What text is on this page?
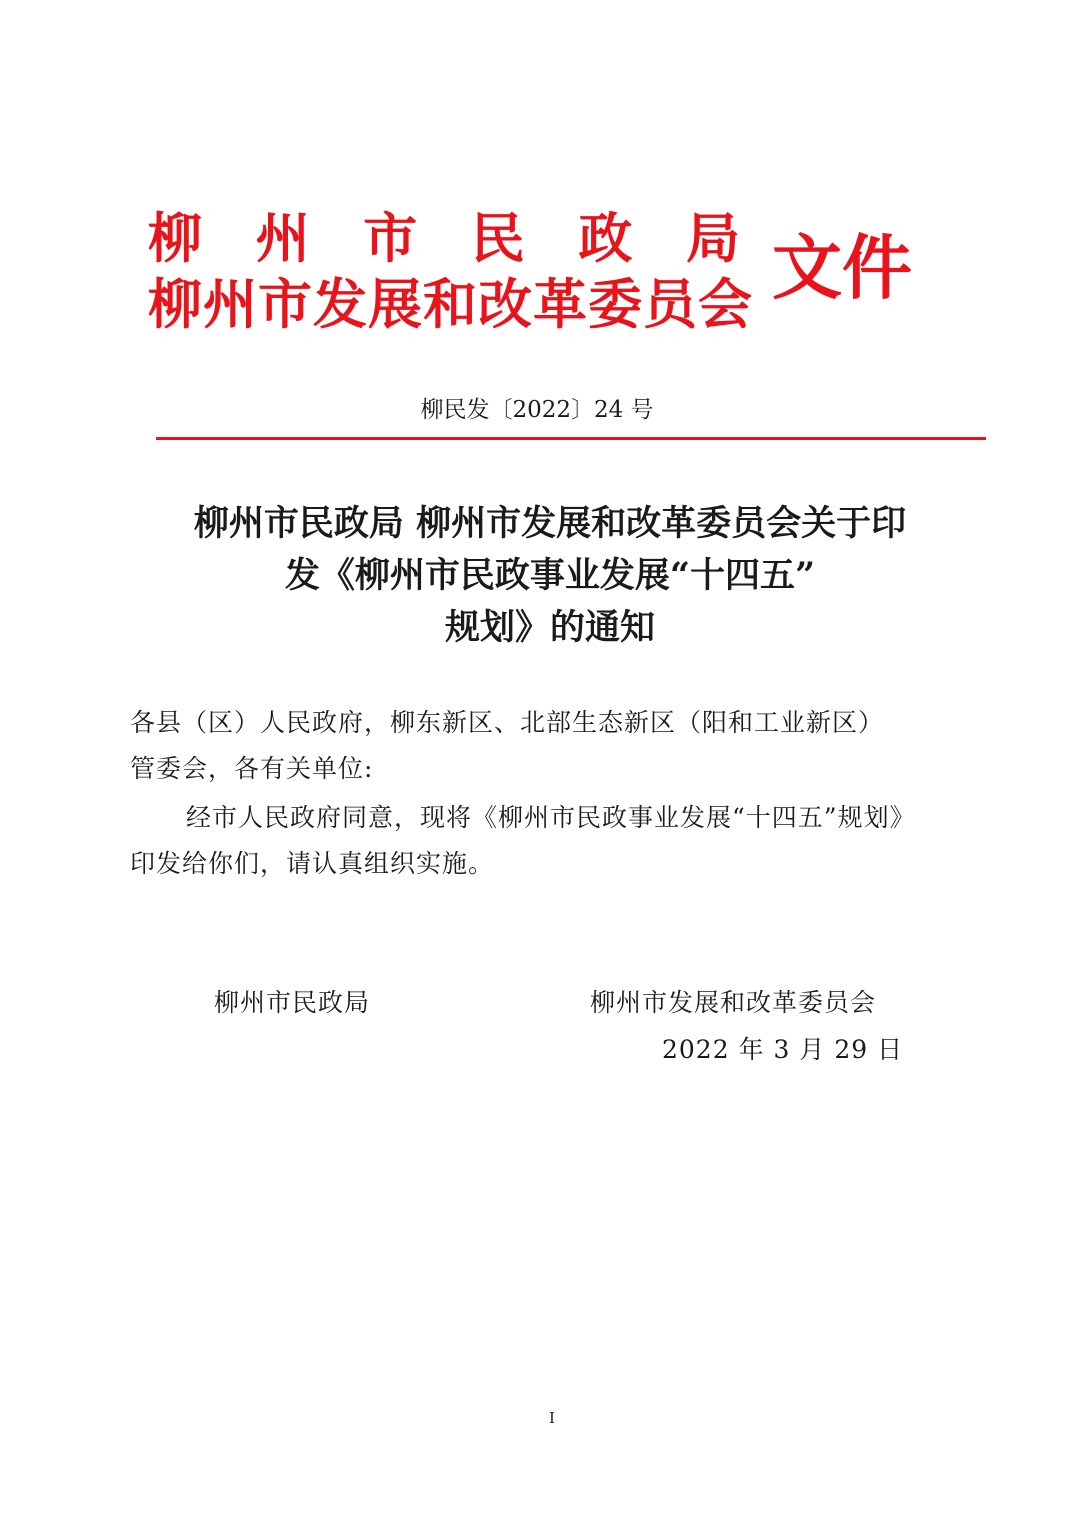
柳 州 市 民 政 局
柳州市发展和改革委员会 文件
柳民发〔2022〕24 号
柳州市民政局 柳州市发展和改革委员会关于印
发《柳州市民政事业发展“十四五”
规划》的通知
各县（区）人民政府，柳东新区、北部生态新区（阳和工业新区）
管委会，各有关单位:
经市人民政府同意，现将《柳州市民政事业发展“十四五”规划》
印发给你们，请认真组织实施。
柳州市民政局	柳州市发展和改革委员会
2022 年 3 月 29 日
I
